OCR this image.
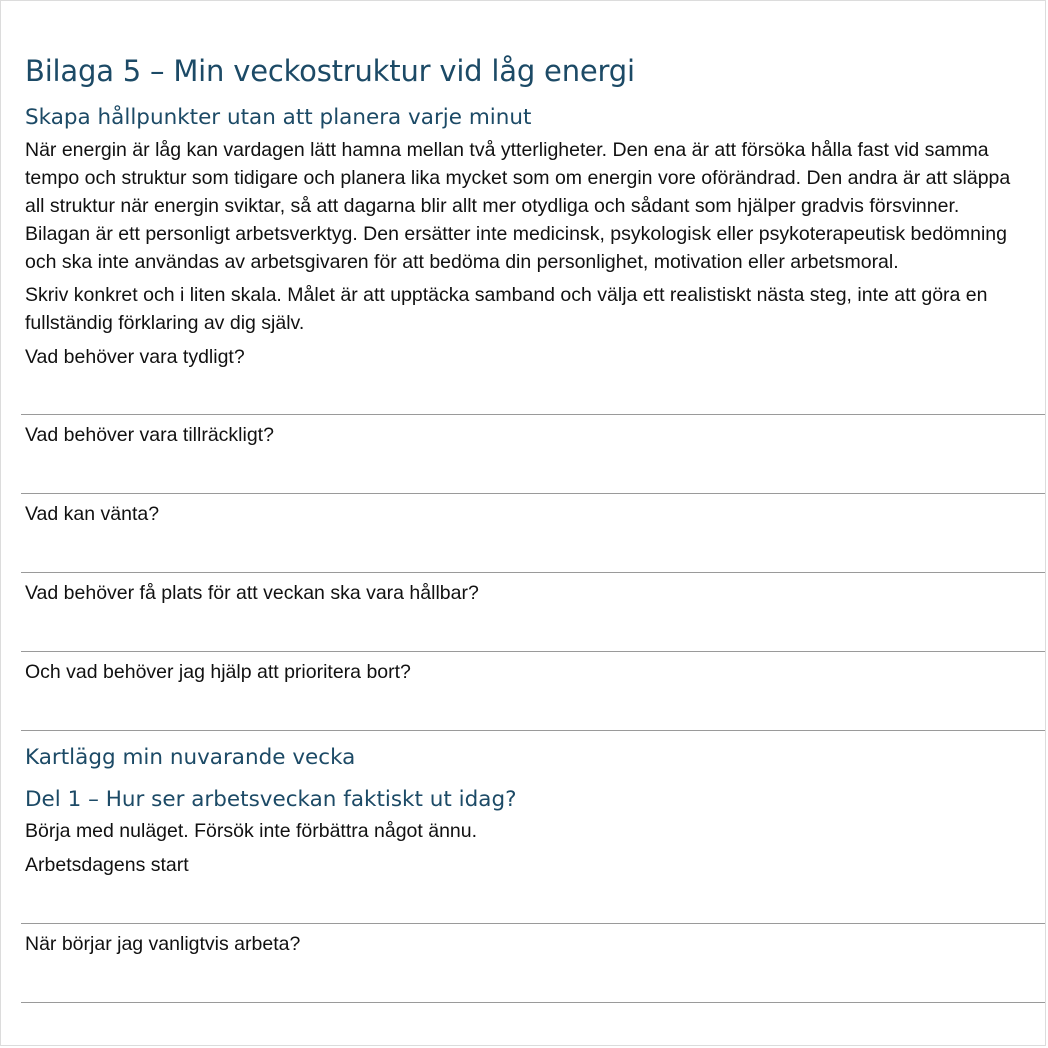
Bilaga 5 – Min veckostruktur vid låg energi
Skapa hållpunkter utan att planera varje minut

När energin är låg kan vardagen lätt hamna mellan två ytterligheter. Den ena är att försöka hålla fast vid samma tempo och struktur som tidigare och planera lika mycket som om energin vore oförändrad. Den andra är att släppa all struktur när energin sviktar, så att dagarna blir allt mer otydliga och sådant som hjälper gradvis försvinner. Bilagan är ett personligt arbetsverktyg. Den ersätter inte medicinsk, psykologisk eller psykoterapeutisk bedömning och ska inte användas av arbetsgivaren för att bedöma din personlighet, motivation eller arbetsmoral.

Skriv konkret och i liten skala. Målet är att upptäcka samband och välja ett realistiskt nästa steg, inte att göra en fullständig förklaring av dig själv.

Vad behöver vara tydligt?
Vad behöver vara tillräckligt?
Vad kan vänta?
Vad behöver få plats för att veckan ska vara hållbar?
Och vad behöver jag hjälp att prioritera bort?
Kartlägg min nuvarande vecka
Del 1 – Hur ser arbetsveckan faktiskt ut idag?

Börja med nuläget. Försök inte förbättra något ännu.

Arbetsdagens start
När börjar jag vanligtvis arbeta?
